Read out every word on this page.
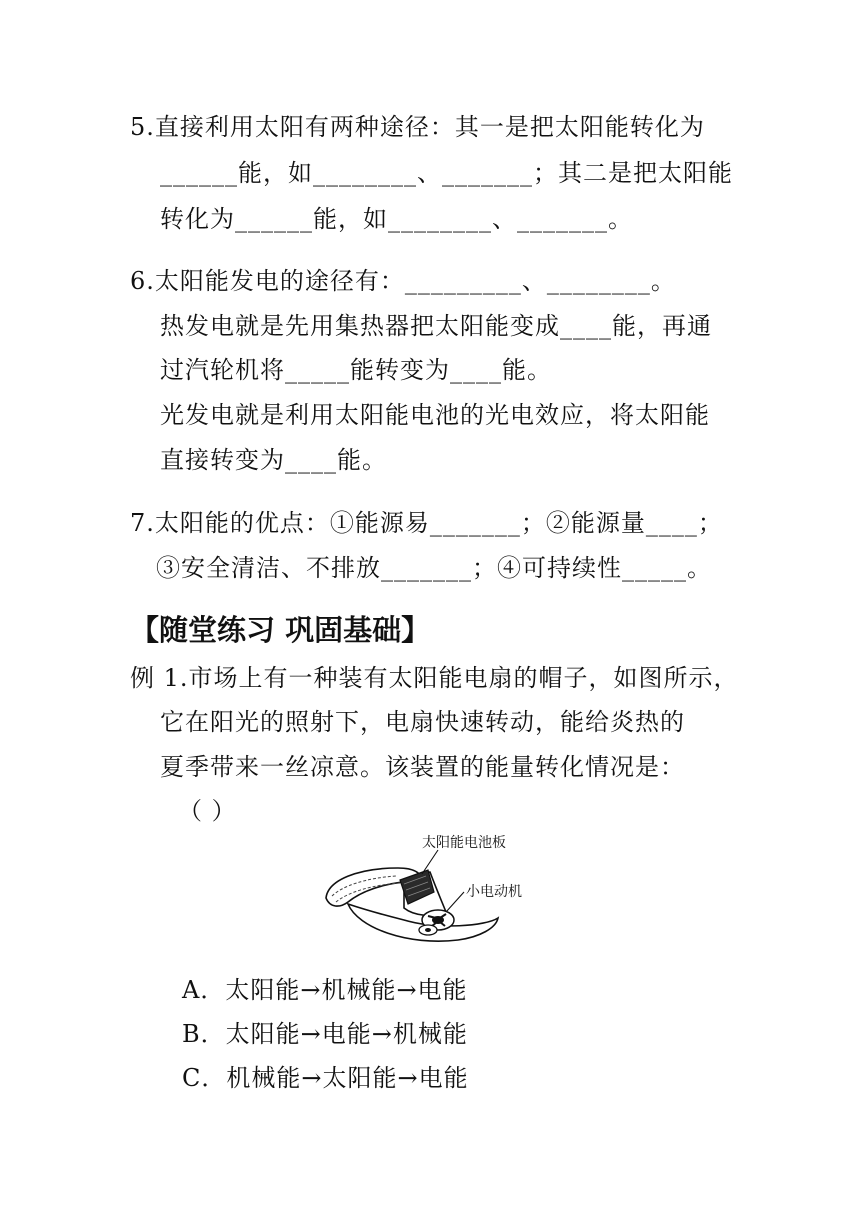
5.直接利用太阳有两种途径：其一是把太阳能转化为
______能，如________、_______；其二是把太阳能
转化为______能，如________、_______。
6.太阳能发电的途径有：_________、________。
热发电就是先用集热器把太阳能变成____能，再通
过汽轮机将_____能转变为____能。
光发电就是利用太阳能电池的光电效应，将太阳能
直接转变为____能。
7.太阳能的优点：①能源易_______；②能源量____；
③安全清洁、不排放_______；④可持续性_____。
【随堂练习 巩固基础】
例 1.市场上有一种装有太阳能电扇的帽子，如图所示，
它在阳光的照射下，电扇快速转动，能给炎热的
夏季带来一丝凉意。该装置的能量转化情况是：
（ ）
太阳能电池板
小电动机
A．太阳能→机械能→电能
B．太阳能→电能→机械能
C．机械能→太阳能→电能
